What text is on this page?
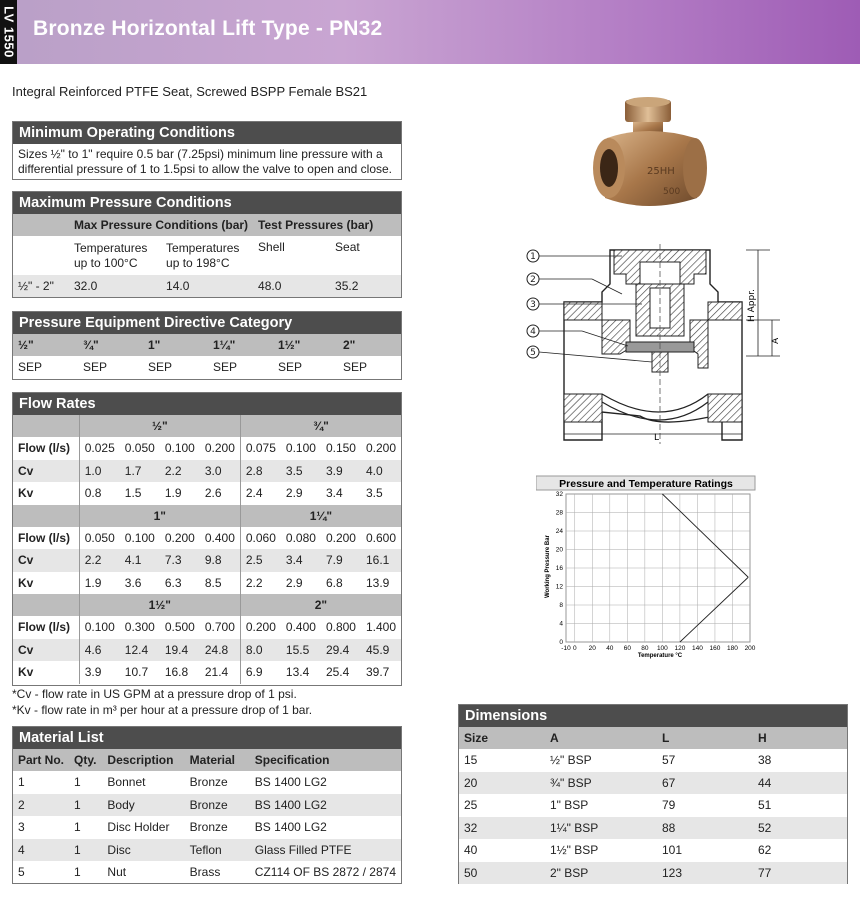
LV 1550 Bronze Horizontal Lift Type - PN32
Integral Reinforced PTFE Seat, Screwed BSPP Female BS21
Minimum Operating Conditions
Sizes ½" to 1" require 0.5 bar (7.25psi) minimum line pressure with a differential pressure of 1 to 1.5psi to allow the valve to open and close.
Maximum Pressure Conditions
	Max Pressure Conditions (bar)		Test Pressures (bar)	
	Temperatures up to 100°C	Temperatures up to 198°C	Shell	Seat
½" - 2"	32.0	14.0	48.0	35.2
Pressure Equipment Directive Category
½"	¾"	1"	1¼"	1½"	2"
SEP	SEP	SEP	SEP	SEP	SEP
Flow Rates
	½"				¾"			
Flow (l/s)	0.025	0.050	0.100	0.200	0.075	0.100	0.150	0.200
Cv	1.0	1.7	2.2	3.0	2.8	3.5	3.9	4.0
Kv	0.8	1.5	1.9	2.6	2.4	2.9	3.4	3.5
	1"				1¼"			
Flow (l/s)	0.050	0.100	0.200	0.400	0.060	0.080	0.200	0.600
Cv	2.2	4.1	7.3	9.8	2.5	3.4	7.9	16.1
Kv	1.9	3.6	6.3	8.5	2.2	2.9	6.8	13.9
	1½"				2"			
Flow (l/s)	0.100	0.300	0.500	0.700	0.200	0.400	0.800	1.400
Cv	4.6	12.4	19.4	24.8	8.0	15.5	29.4	45.9
Kv	3.9	10.7	16.8	21.4	6.9	13.4	25.4	39.7
*Cv - flow rate in US GPM at a pressure drop of 1 psi.
*Kv - flow rate in m³ per hour at a pressure drop of 1 bar.
Material List
Part No.	Qty.	Description	Material	Specification
1	1	Bonnet	Bronze	BS 1400 LG2
2	1	Body	Bronze	BS 1400 LG2
3	1	Disc Holder	Bronze	BS 1400 LG2
4	1	Disc	Teflon	Glass Filled PTFE
5	1	Nut	Brass	CZ114 OF BS 2872 / 2874
Dimensions
Size	A	L	H
15	½" BSP	57	38
20	¾" BSP	67	44
25	1" BSP	79	51
32	1¼" BSP	88	52
40	1½" BSP	101	62
50	2" BSP	123	77
25HH
500
1
2
3
4
5
H Appr.
A
L
Pressure and Temperature Ratings
Working Pressure Bar
Temperature °C
-10 0 20 40 60 80 100 120 140 160 180 200
0
4
8
12
16
20
24
28
32
